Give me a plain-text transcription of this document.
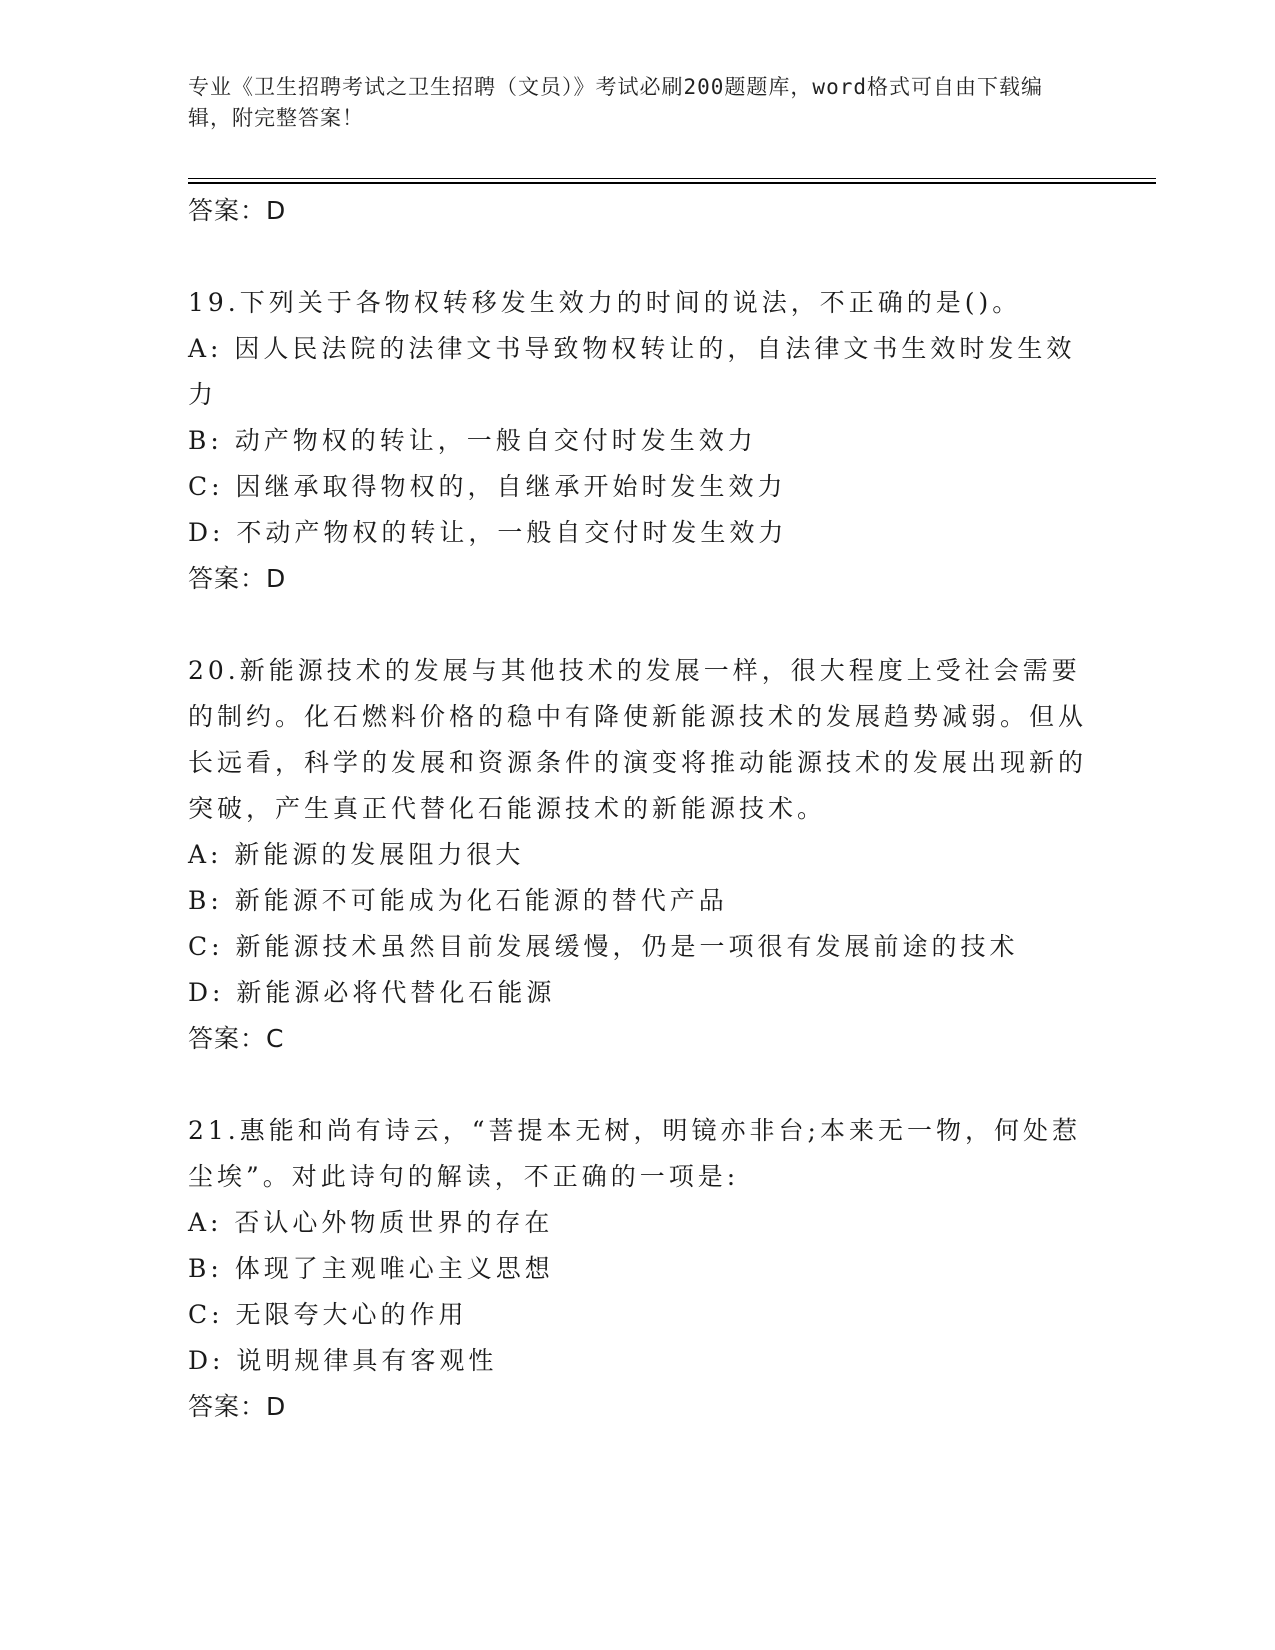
专业《卫生招聘考试之卫生招聘（文员）》考试必刷200题题库，word格式可自由下载编辑，附完整答案！
答案：D
19.下列关于各物权转移发生效力的时间的说法，不正确的是()。
A: 因人民法院的法律文书导致物权转让的，自法律文书生效时发生效力
B: 动产物权的转让，一般自交付时发生效力
C: 因继承取得物权的，自继承开始时发生效力
D: 不动产物权的转让，一般自交付时发生效力
答案：D
20.新能源技术的发展与其他技术的发展一样，很大程度上受社会需要的制约。化石燃料价格的稳中有降使新能源技术的发展趋势减弱。但从长远看，科学的发展和资源条件的演变将推动能源技术的发展出现新的突破，产生真正代替化石能源技术的新能源技术。
A: 新能源的发展阻力很大
B: 新能源不可能成为化石能源的替代产品
C: 新能源技术虽然目前发展缓慢，仍是一项很有发展前途的技术
D: 新能源必将代替化石能源
答案：C
21.惠能和尚有诗云，“菩提本无树，明镜亦非台;本来无一物，何处惹尘埃”。对此诗句的解读，不正确的一项是:
A: 否认心外物质世界的存在
B: 体现了主观唯心主义思想
C: 无限夸大心的作用
D: 说明规律具有客观性
答案：D
